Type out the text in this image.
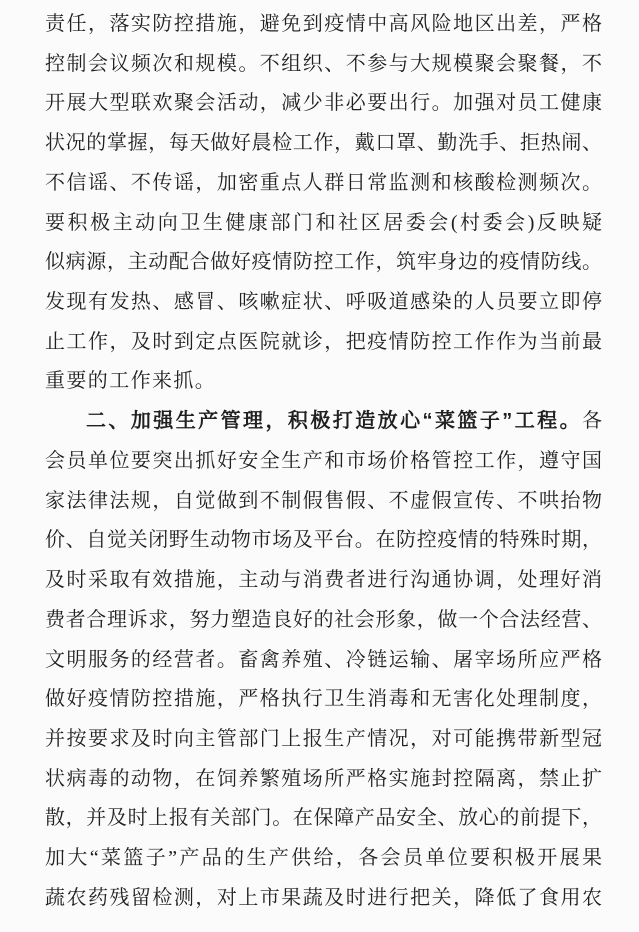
责任，落实防控措施，避免到疫情中高风险地区出差，严格
控制会议频次和规模。不组织、不参与大规模聚会聚餐，不
开展大型联欢聚会活动，减少非必要出行。加强对员工健康
状况的掌握，每天做好晨检工作，戴口罩、勤洗手、拒热闹、
不信谣、不传谣，加密重点人群日常监测和核酸检测频次。
要积极主动向卫生健康部门和社区居委会(村委会)反映疑
似病源，主动配合做好疫情防控工作，筑牢身边的疫情防线。
发现有发热、感冒、咳嗽症状、呼吸道感染的人员要立即停
止工作，及时到定点医院就诊，把疫情防控工作作为当前最
重要的工作来抓。
二、加强生产管理，积极打造放心“菜篮子”工程。各
会员单位要突出抓好安全生产和市场价格管控工作，遵守国
家法律法规，自觉做到不制假售假、不虚假宣传、不哄抬物
价、自觉关闭野生动物市场及平台。在防控疫情的特殊时期，
及时采取有效措施，主动与消费者进行沟通协调，处理好消
费者合理诉求，努力塑造良好的社会形象，做一个合法经营、
文明服务的经营者。畜禽养殖、冷链运输、屠宰场所应严格
做好疫情防控措施，严格执行卫生消毒和无害化处理制度，
并按要求及时向主管部门上报生产情况，对可能携带新型冠
状病毒的动物，在饲养繁殖场所严格实施封控隔离，禁止扩
散，并及时上报有关部门。在保障产品安全、放心的前提下，
加大“菜篮子”产品的生产供给，各会员单位要积极开展果
蔬农药残留检测，对上市果蔬及时进行把关，降低了食用农
